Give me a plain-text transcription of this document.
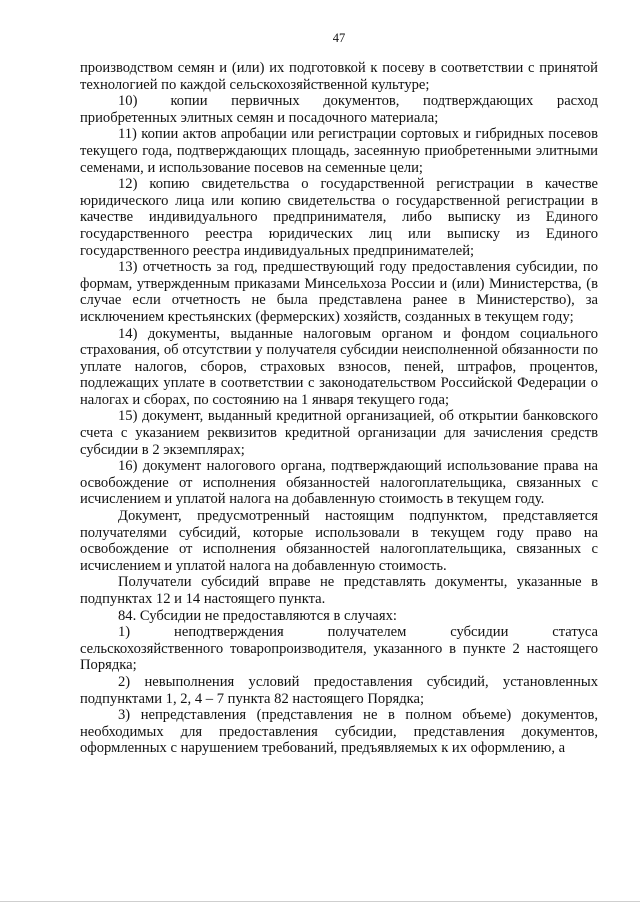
47

производством семян и (или) их подготовкой к посеву в соответствии с принятой технологией по каждой сельскохозяйственной культуре;

10)       копии     первичных     документов,     подтверждающих     расход приобретенных элитных семян и посадочного материала;

11) копии актов апробации или регистрации сортовых и гибридных посевов текущего года, подтверждающих площадь, засеянную приобретенными элитными семенами, и использование посевов на семенные цели;

12) копию свидетельства о государственной регистрации в качестве юридического лица или копию свидетельства о государственной регистрации в качестве индивидуального предпринимателя, либо выписку из Единого государственного реестра юридических лиц или выписку из Единого государственного реестра индивидуальных предпринимателей;

13) отчетность за год, предшествующий году предоставления субсидии, по формам, утвержденным приказами Минсельхоза России и (или) Министерства, (в случае если отчетность не была представлена ранее в Министерство), за исключением крестьянских (фермерских) хозяйств, созданных в текущем году;

14) документы, выданные налоговым органом и фондом социального страхования, об отсутствии у получателя субсидии неисполненной обязанности по уплате налогов, сборов, страховых взносов, пеней, штрафов, процентов, подлежащих уплате в соответствии с законодательством Российской Федерации о налогах и сборах, по состоянию на 1 января текущего года;

15) документ, выданный кредитной организацией, об открытии банковского счета с указанием реквизитов кредитной организации для зачисления средств субсидии в 2 экземплярах;

16) документ налогового органа, подтверждающий использование права на освобождение от исполнения обязанностей налогоплательщика, связанных с исчислением и уплатой налога на добавленную стоимость в текущем году.

Документ, предусмотренный настоящим подпунктом, представляется получателями субсидий, которые использовали в текущем году право на освобождение от исполнения обязанностей налогоплательщика, связанных с исчислением и уплатой налога на добавленную стоимость.

Получатели субсидий вправе не представлять документы, указанные в подпунктах 12 и 14 настоящего пункта.

84. Субсидии не предоставляются в случаях:

1)        неподтверждения        получателем        субсидии        статуса сельскохозяйственного товаропроизводителя, указанного в пункте 2 настоящего Порядка;

2) невыполнения условий предоставления субсидий, установленных подпунктами 1, 2, 4 – 7 пункта 82 настоящего Порядка;

3) непредставления (представления не в полном объеме) документов, необходимых для предоставления субсидии, представления документов, оформленных с нарушением требований, предъявляемых к их оформлению, а
